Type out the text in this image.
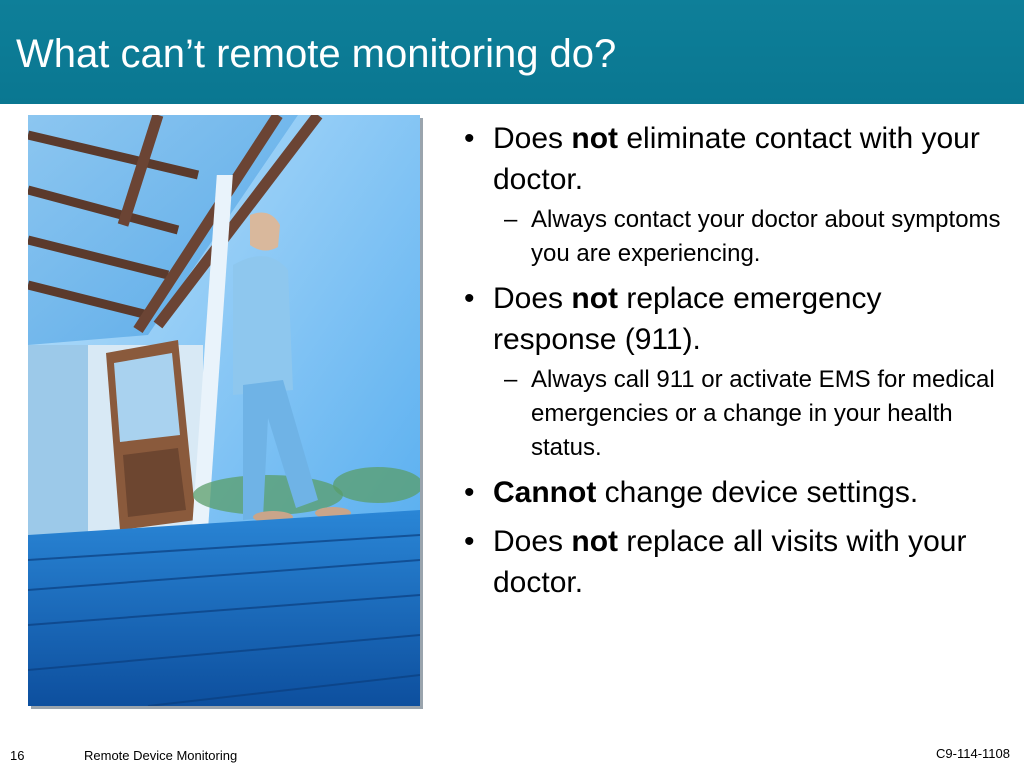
What can’t remote monitoring do?
• Does not eliminate contact with your doctor.
– Always contact your doctor about symptoms you are experiencing.
• Does not replace emergency response (911).
– Always call 911 or activate EMS for medical emergencies or a change in your health status.
• Cannot change device settings.
• Does not replace all visits with your doctor.
16	Remote Device Monitoring	C9-114-1108
